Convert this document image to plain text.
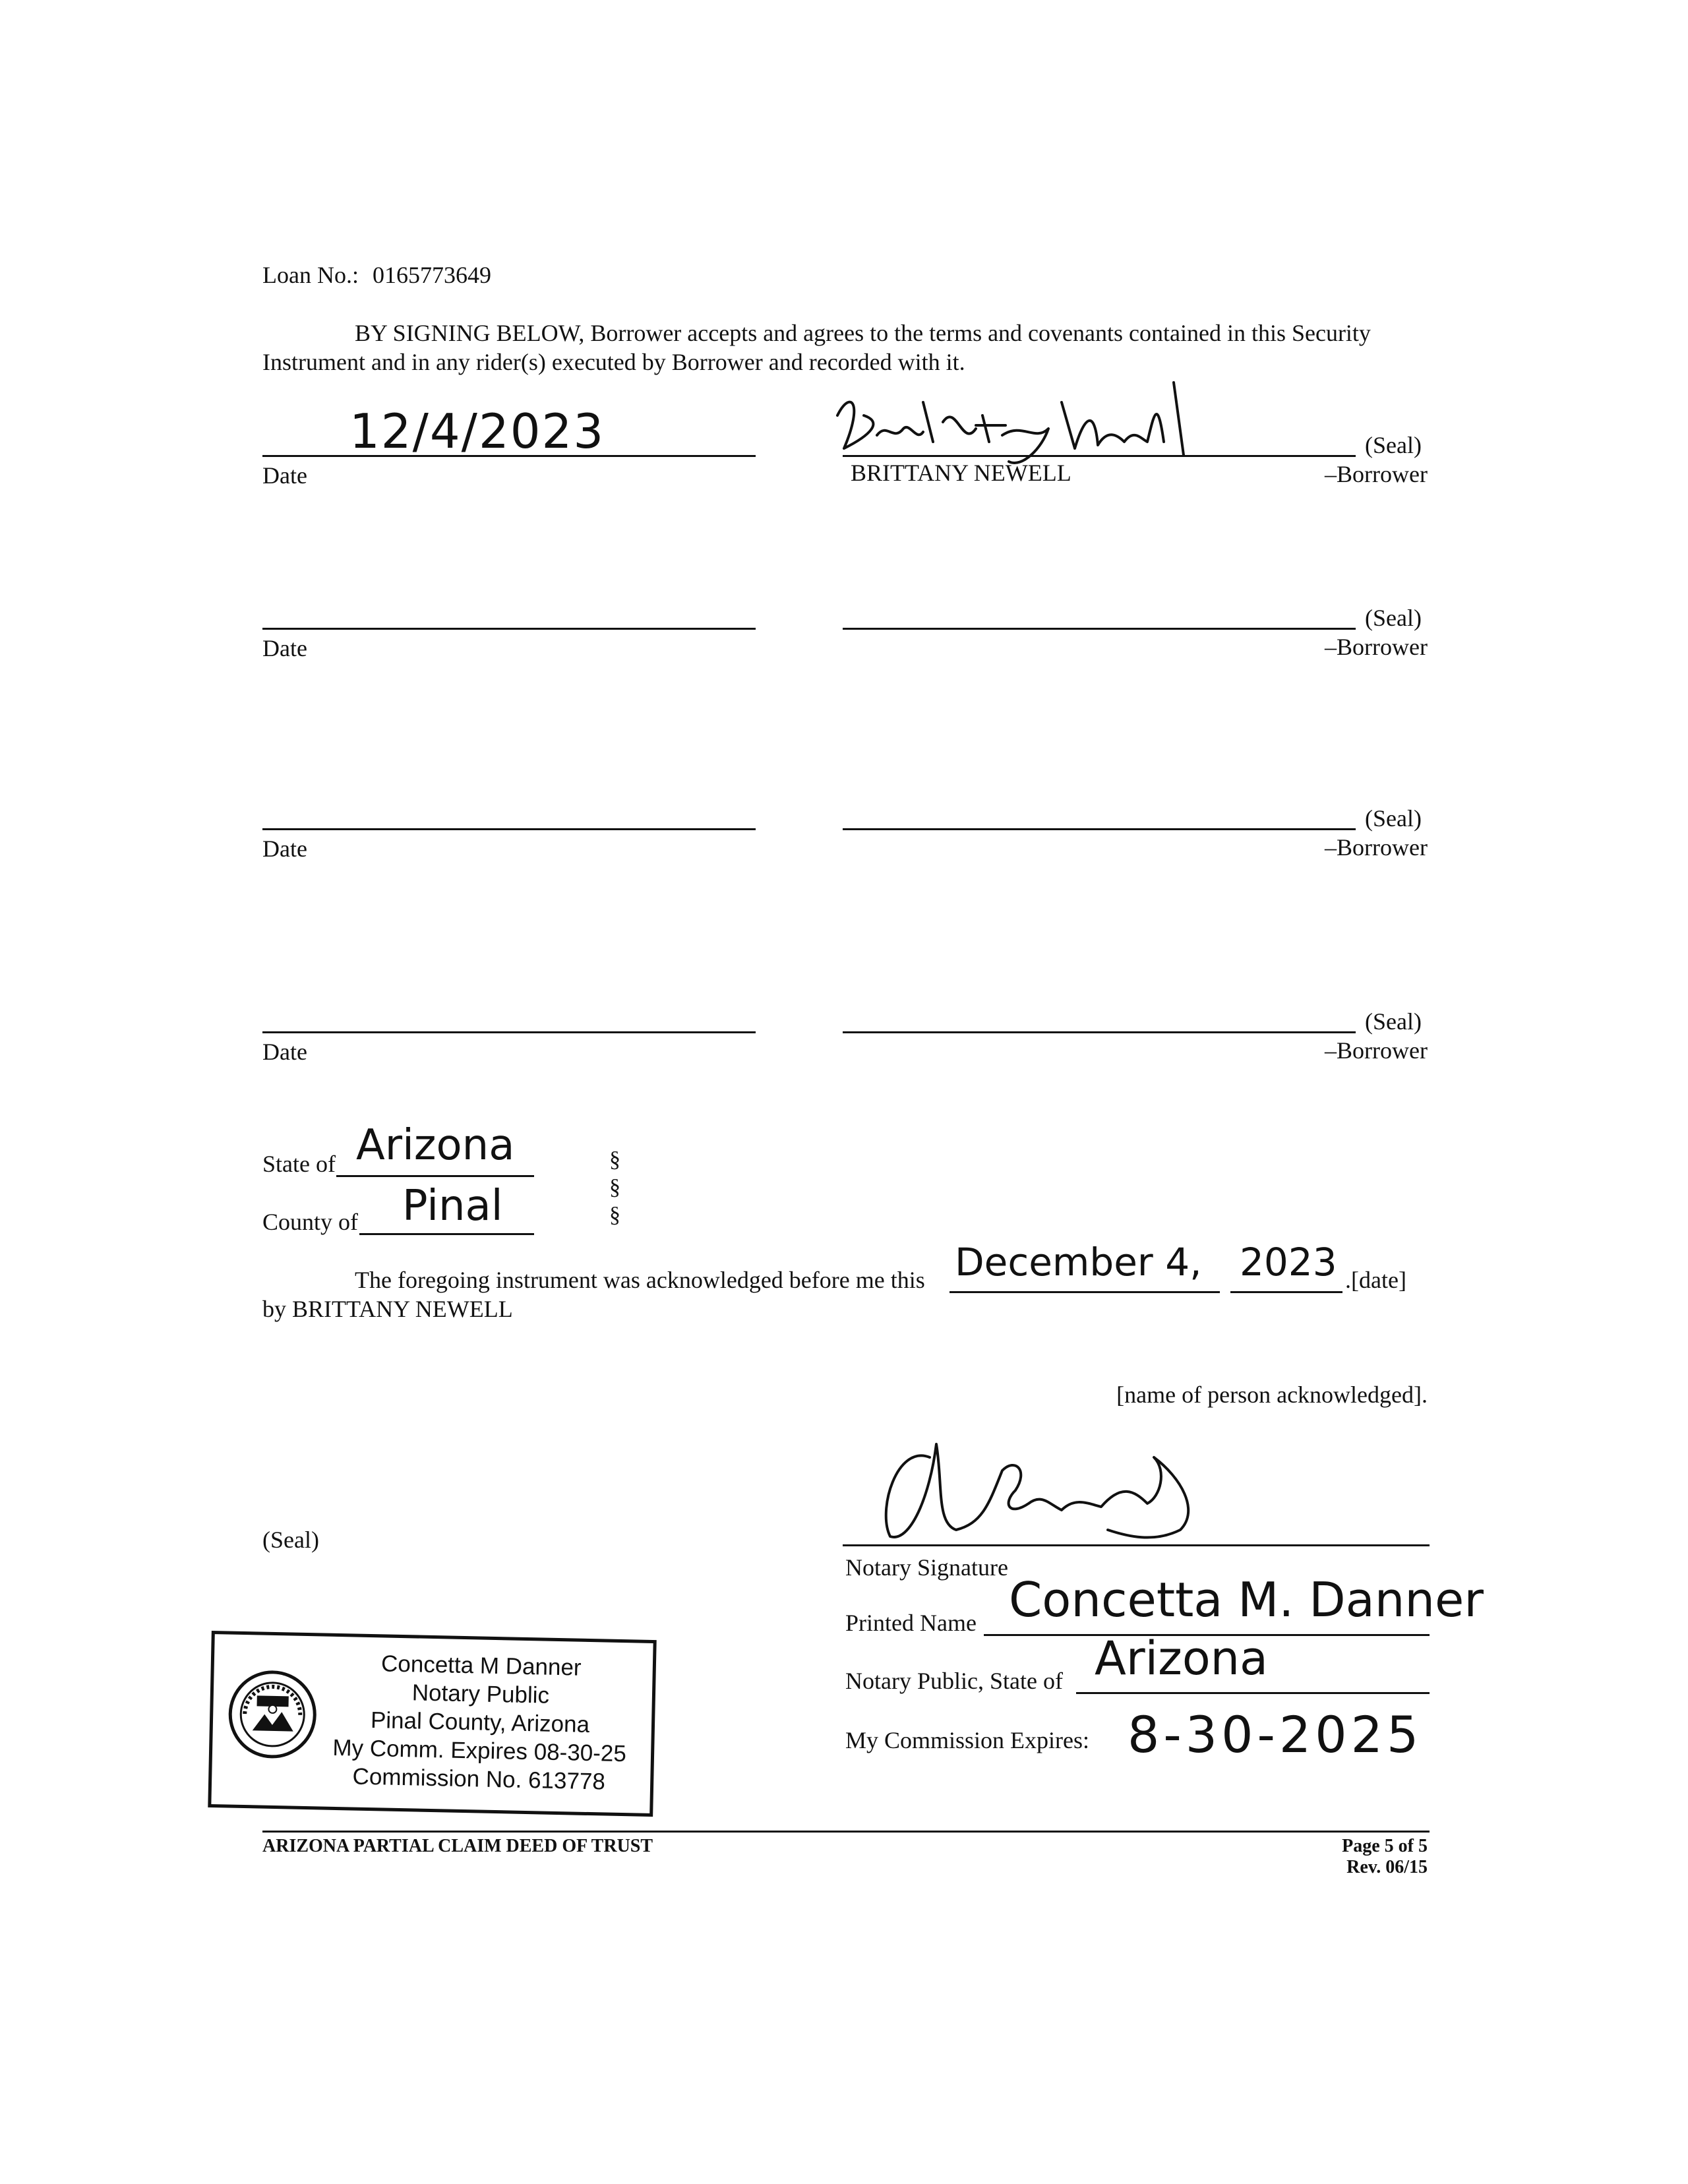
Loan No.: 0165773649
BY SIGNING BELOW, Borrower accepts and agrees to the terms and covenants contained in this Security
Instrument and in any rider(s) executed by Borrower and recorded with it.
12/4/2023
Date
(Seal)
BRITTANY NEWELL	–Borrower
Date
(Seal)
–Borrower
Date
(Seal)
–Borrower
Date
(Seal)
–Borrower
State of Arizona
County of Pinal
§
§
§
The foregoing instrument was acknowledged before me this December 4, 2023 .[date]
by BRITTANY NEWELL
[name of person acknowledged].
(Seal)
Notary Signature
Printed Name Concetta M. Danner
Notary Public, State of Arizona
My Commission Expires: 8-30-2025
Concetta M Danner
Notary Public
Pinal County, Arizona
My Comm. Expires 08-30-25
Commission No. 613778
ARIZONA PARTIAL CLAIM DEED OF TRUST	Page 5 of 5
Rev. 06/15
